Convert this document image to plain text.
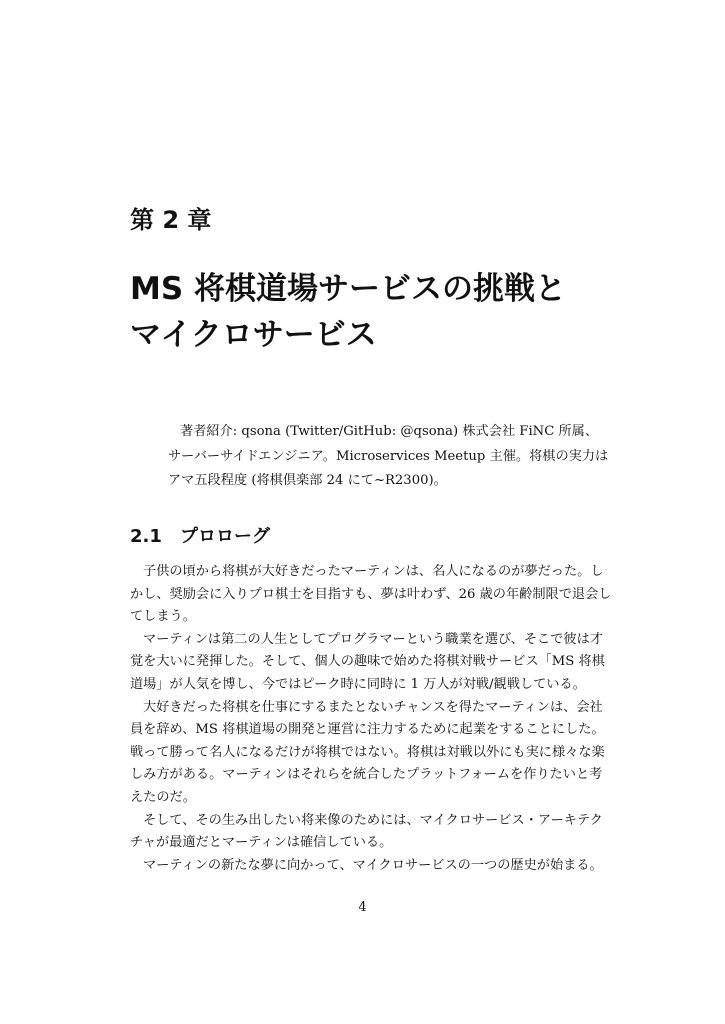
第 2 章
MS 将棋道場サービスの挑戦と
マイクロサービス
著者紹介: qsona (Twitter/GitHub: @qsona) 株式会社 FiNC 所属、
サーバーサイドエンジニア。Microservices Meetup 主催。将棋の実力は
アマ五段程度 (将棋倶楽部 24 にて~R2300)。
2.1 プロローグ
子供の頃から将棋が大好きだったマーティンは、名人になるのが夢だった。し
かし、奨励会に入りプロ棋士を目指すも、夢は叶わず、26 歳の年齢制限で退会し
てしまう。
マーティンは第二の人生としてプログラマーという職業を選び、そこで彼は才
覚を大いに発揮した。そして、個人の趣味で始めた将棋対戦サービス「MS 将棋
道場」が人気を博し、今ではピーク時に同時に 1 万人が対戦/観戦している。
大好きだった将棋を仕事にするまたとないチャンスを得たマーティンは、会社
員を辞め、MS 将棋道場の開発と運営に注力するために起業をすることにした。
戦って勝って名人になるだけが将棋ではない。将棋は対戦以外にも実に様々な楽
しみ方がある。マーティンはそれらを統合したプラットフォームを作りたいと考
えたのだ。
そして、その生み出したい将来像のためには、マイクロサービス・アーキテク
チャが最適だとマーティンは確信している。
マーティンの新たな夢に向かって、マイクロサービスの一つの歴史が始まる。
4
